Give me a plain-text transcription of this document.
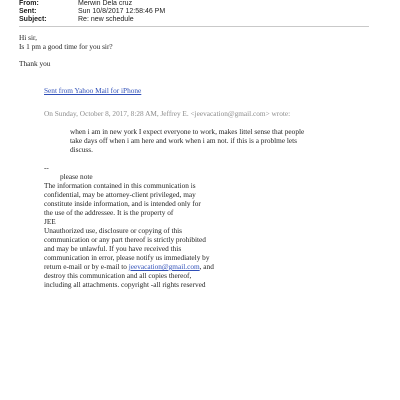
From:	Merwin Dela cruz
Sent:	Sun 10/8/2017 12:58:46 PM
Subject:	Re: new schedule
Hi sir,
Is 1 pm a good time for you sir?
Thank you
Sent from Yahoo Mail for iPhone
On Sunday, October 8, 2017, 8:28 AM, Jeffrey E. <jeevacation@gmail.com> wrote:
when i am in new york I expect everyone to work, makes littel sense that people
take days off when i am here and work when i am not. if this is a problme lets
discuss.
--
please note
The information contained in this communication is
confidential, may be attorney-client privileged, may
constitute inside information, and is intended only for
the use of the addressee. It is the property of
JEE
Unauthorized use, disclosure or copying of this
communication or any part thereof is strictly prohibited
and may be unlawful. If you have received this
communication in error, please notify us immediately by
return e-mail or by e-mail to jeevacation@gmail.com, and
destroy this communication and all copies thereof,
including all attachments. copyright -all rights reserved
